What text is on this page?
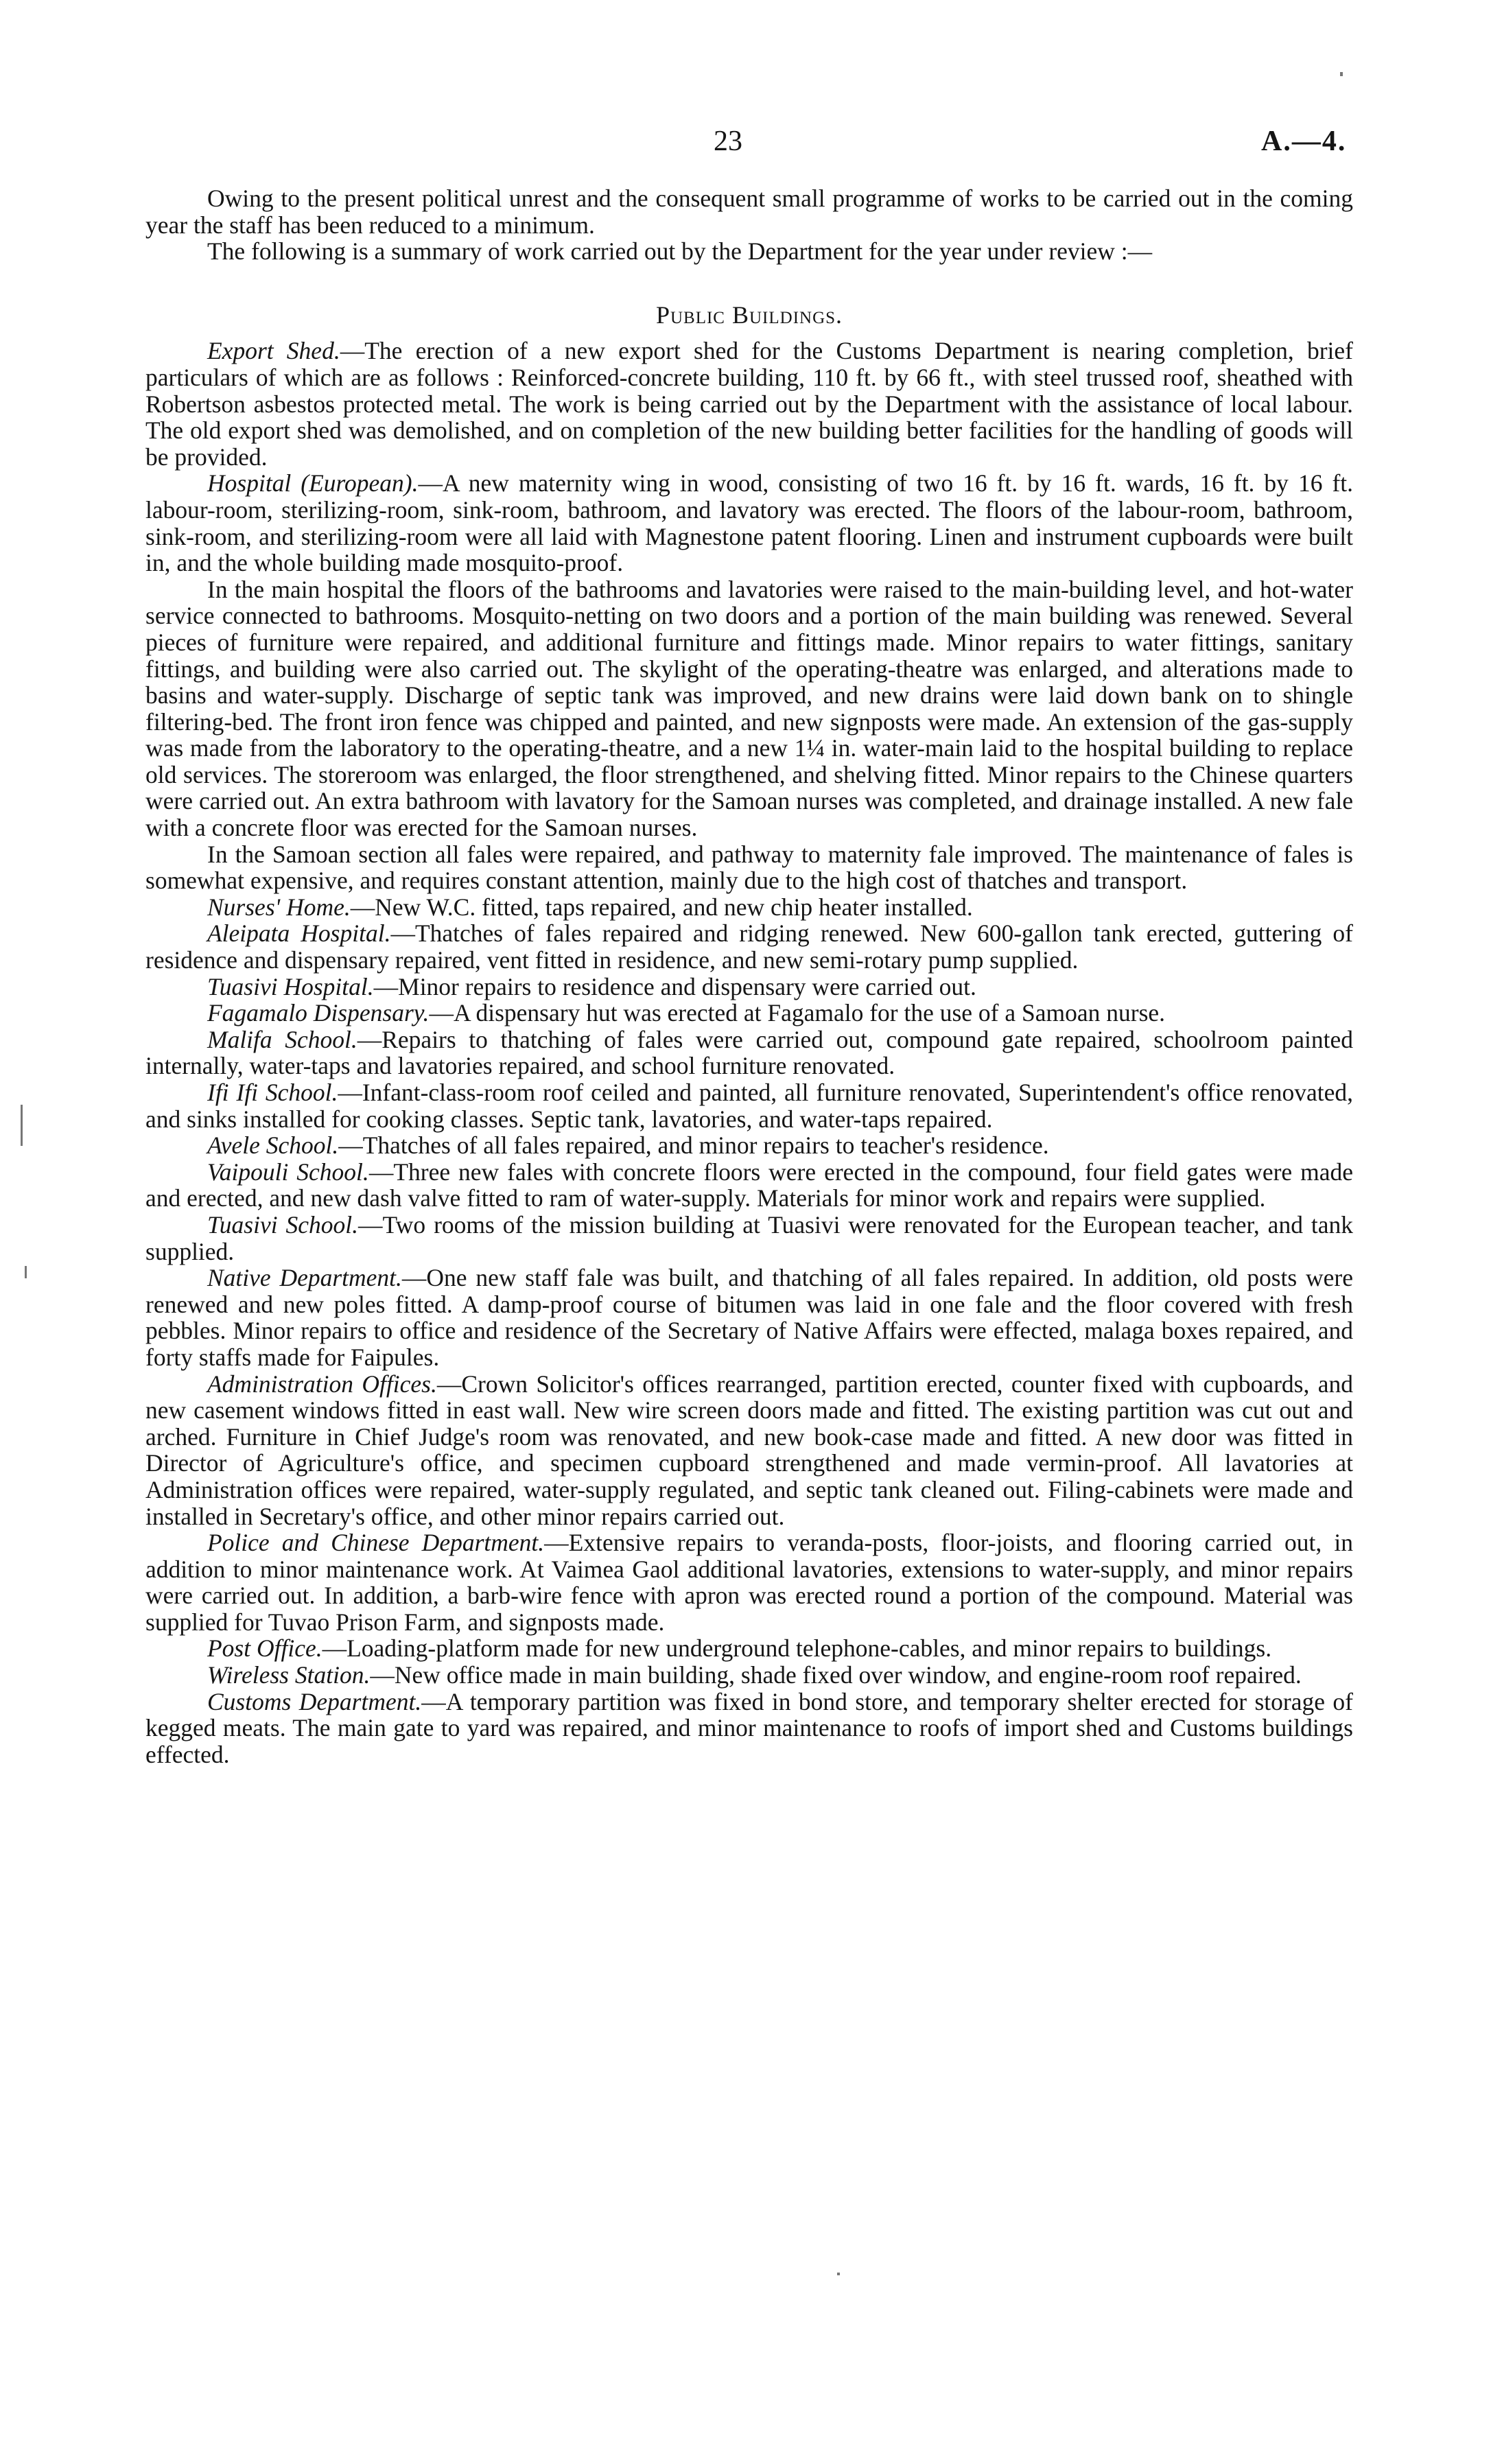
23	A.—4.

Owing to the present political unrest and the consequent small programme of works to be carried out in the coming year the staff has been reduced to a minimum.

The following is a summary of work carried out by the Department for the year under review :—

Public Buildings.

Export Shed.—The erection of a new export shed for the Customs Department is nearing completion, brief particulars of which are as follows : Reinforced-concrete building, 110 ft. by 66 ft., with steel trussed roof, sheathed with Robertson asbestos protected metal. The work is being carried out by the Department with the assistance of local labour. The old export shed was demolished, and on completion of the new building better facilities for the handling of goods will be provided.

Hospital (European).—A new maternity wing in wood, consisting of two 16 ft. by 16 ft. wards, 16 ft. by 16 ft. labour-room, sterilizing-room, sink-room, bathroom, and lavatory was erected. The floors of the labour-room, bathroom, sink-room, and sterilizing-room were all laid with Magnestone patent flooring. Linen and instrument cupboards were built in, and the whole building made mosquito-proof.

In the main hospital the floors of the bathrooms and lavatories were raised to the main-building level, and hot-water service connected to bathrooms. Mosquito-netting on two doors and a portion of the main building was renewed. Several pieces of furniture were repaired, and additional furniture and fittings made. Minor repairs to water fittings, sanitary fittings, and building were also carried out. The skylight of the operating-theatre was enlarged, and alterations made to basins and water-supply. Discharge of septic tank was improved, and new drains were laid down bank on to shingle filtering-bed. The front iron fence was chipped and painted, and new signposts were made. An extension of the gas-supply was made from the laboratory to the operating-theatre, and a new 1¼ in. water-main laid to the hospital building to replace old services. The storeroom was enlarged, the floor strengthened, and shelving fitted. Minor repairs to the Chinese quarters were carried out. An extra bathroom with lavatory for the Samoan nurses was completed, and drainage installed. A new fale with a concrete floor was erected for the Samoan nurses.

In the Samoan section all fales were repaired, and pathway to maternity fale improved. The maintenance of fales is somewhat expensive, and requires constant attention, mainly due to the high cost of thatches and transport.

Nurses' Home.—New W.C. fitted, taps repaired, and new chip heater installed.

Aleipata Hospital.—Thatches of fales repaired and ridging renewed. New 600-gallon tank erected, guttering of residence and dispensary repaired, vent fitted in residence, and new semi-rotary pump supplied.

Tuasivi Hospital.—Minor repairs to residence and dispensary were carried out.

Fagamalo Dispensary.—A dispensary hut was erected at Fagamalo for the use of a Samoan nurse.

Malifa School.—Repairs to thatching of fales were carried out, compound gate repaired, schoolroom painted internally, water-taps and lavatories repaired, and school furniture renovated.

Ifi Ifi School.—Infant-class-room roof ceiled and painted, all furniture renovated, Superintendent's office renovated, and sinks installed for cooking classes. Septic tank, lavatories, and water-taps repaired.

Avele School.—Thatches of all fales repaired, and minor repairs to teacher's residence.

Vaipouli School.—Three new fales with concrete floors were erected in the compound, four field gates were made and erected, and new dash valve fitted to ram of water-supply. Materials for minor work and repairs were supplied.

Tuasivi School.—Two rooms of the mission building at Tuasivi were renovated for the European teacher, and tank supplied.

Native Department.—One new staff fale was built, and thatching of all fales repaired. In addition, old posts were renewed and new poles fitted. A damp-proof course of bitumen was laid in one fale and the floor covered with fresh pebbles. Minor repairs to office and residence of the Secretary of Native Affairs were effected, malaga boxes repaired, and forty staffs made for Faipules.

Administration Offices.—Crown Solicitor's offices rearranged, partition erected, counter fixed with cupboards, and new casement windows fitted in east wall. New wire screen doors made and fitted. The existing partition was cut out and arched. Furniture in Chief Judge's room was renovated, and new book-case made and fitted. A new door was fitted in Director of Agriculture's office, and specimen cupboard strengthened and made vermin-proof. All lavatories at Administration offices were repaired, water-supply regulated, and septic tank cleaned out. Filing-cabinets were made and installed in Secretary's office, and other minor repairs carried out.

Police and Chinese Department.—Extensive repairs to veranda-posts, floor-joists, and flooring carried out, in addition to minor maintenance work. At Vaimea Gaol additional lavatories, extensions to water-supply, and minor repairs were carried out. In addition, a barb-wire fence with apron was erected round a portion of the compound. Material was supplied for Tuvao Prison Farm, and signposts made.

Post Office.—Loading-platform made for new underground telephone-cables, and minor repairs to buildings.

Wireless Station.—New office made in main building, shade fixed over window, and engine-room roof repaired.

Customs Department.—A temporary partition was fixed in bond store, and temporary shelter erected for storage of kegged meats. The main gate to yard was repaired, and minor maintenance to roofs of import shed and Customs buildings effected.
